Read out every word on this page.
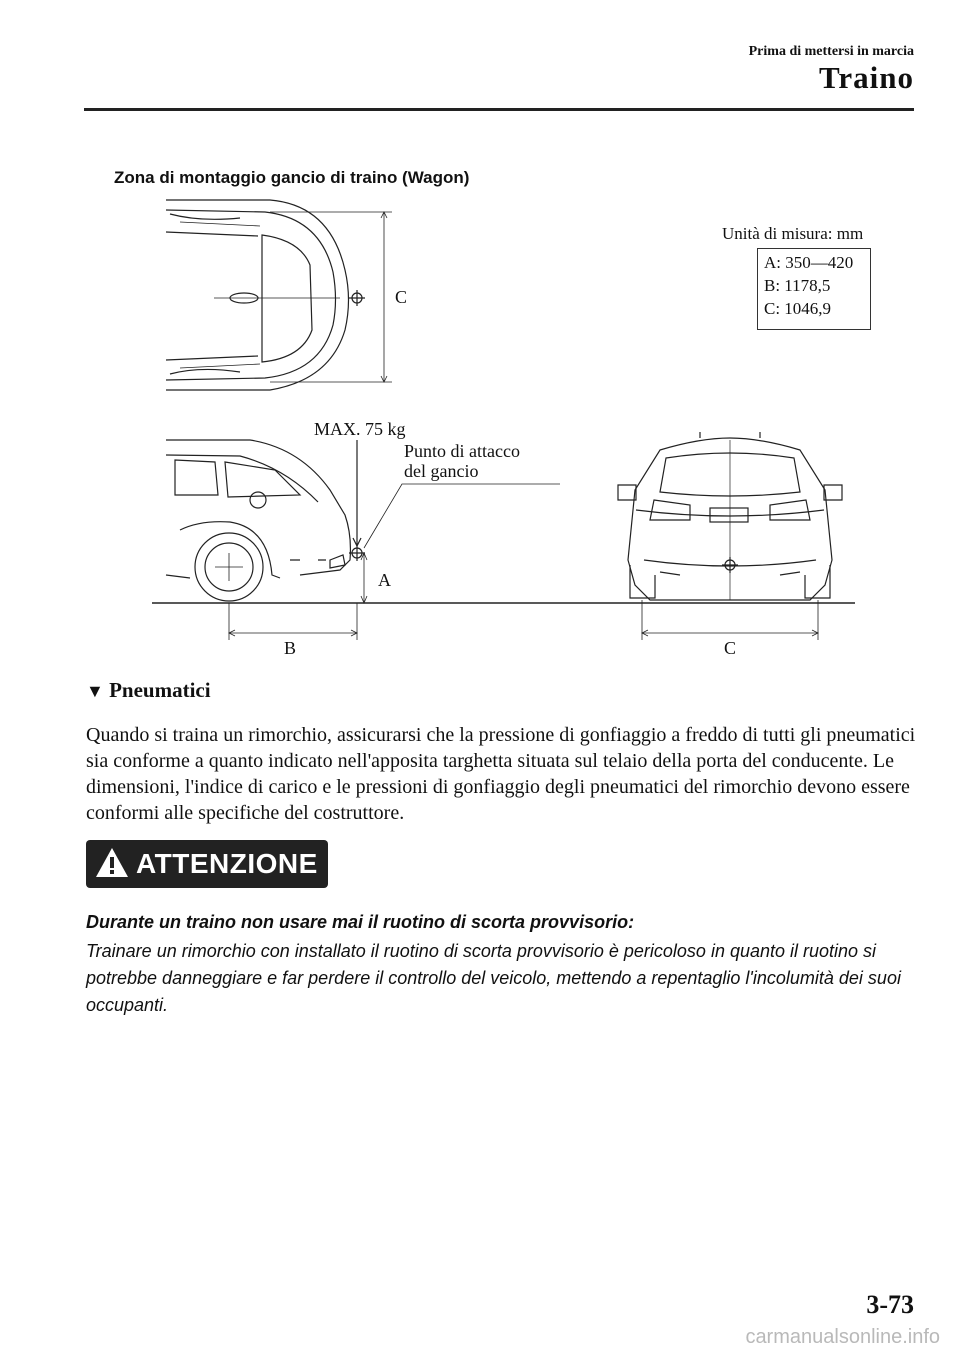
Prima di mettersi in marcia
Traino
Zona di montaggio gancio di traino (Wagon)
C
MAX. 75 kg
Punto di attacco
del gancio
A
B	C
Unità di misura: mm
A: 350—420
B: 1178,5
C: 1046,9
▼ Pneumatici
Quando si traina un rimorchio, assicurarsi che la pressione di gonfiaggio a freddo di tutti gli pneumatici sia conforme a quanto indicato nell'apposita targhetta situata sul telaio della porta del conducente. Le dimensioni, l'indice di carico e le pressioni di gonfiaggio degli pneumatici del rimorchio devono essere conformi alle specifiche del costruttore.
ATTENZIONE
Durante un traino non usare mai il ruotino di scorta provvisorio:
Trainare un rimorchio con installato il ruotino di scorta provvisorio è pericoloso in quanto il ruotino si potrebbe danneggiare e far perdere il controllo del veicolo, mettendo a repentaglio l'incolumità dei suoi occupanti.
3-73
carmanualsonline.info
